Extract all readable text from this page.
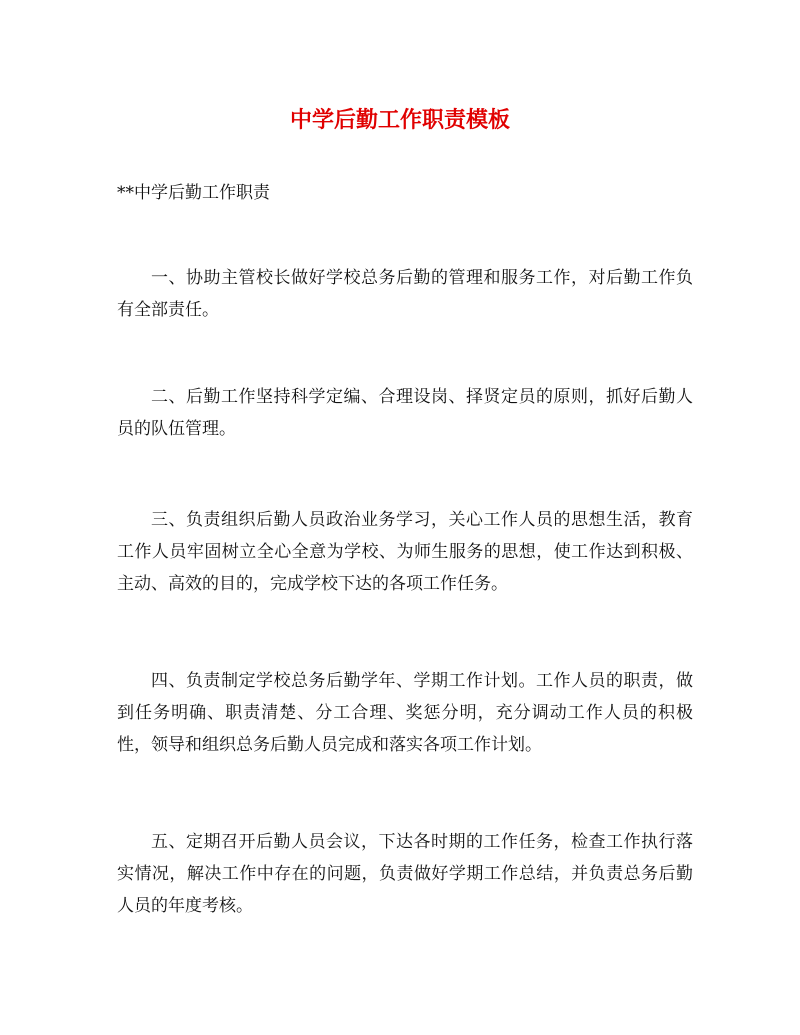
中学后勤工作职责模板

**中学后勤工作职责

一、协助主管校长做好学校总务后勤的管理和服务工作，对后勤工作负有全部责任。

二、后勤工作坚持科学定编、合理设岗、择贤定员的原则，抓好后勤人员的队伍管理。

三、负责组织后勤人员政治业务学习，关心工作人员的思想生活，教育工作人员牢固树立全心全意为学校、为师生服务的思想，使工作达到积极、主动、高效的目的，完成学校下达的各项工作任务。

四、负责制定学校总务后勤学年、学期工作计划。工作人员的职责，做到任务明确、职责清楚、分工合理、奖惩分明，充分调动工作人员的积极性，领导和组织总务后勤人员完成和落实各项工作计划。

五、定期召开后勤人员会议，下达各时期的工作任务，检查工作执行落实情况，解决工作中存在的问题，负责做好学期工作总结，并负责总务后勤人员的年度考核。
